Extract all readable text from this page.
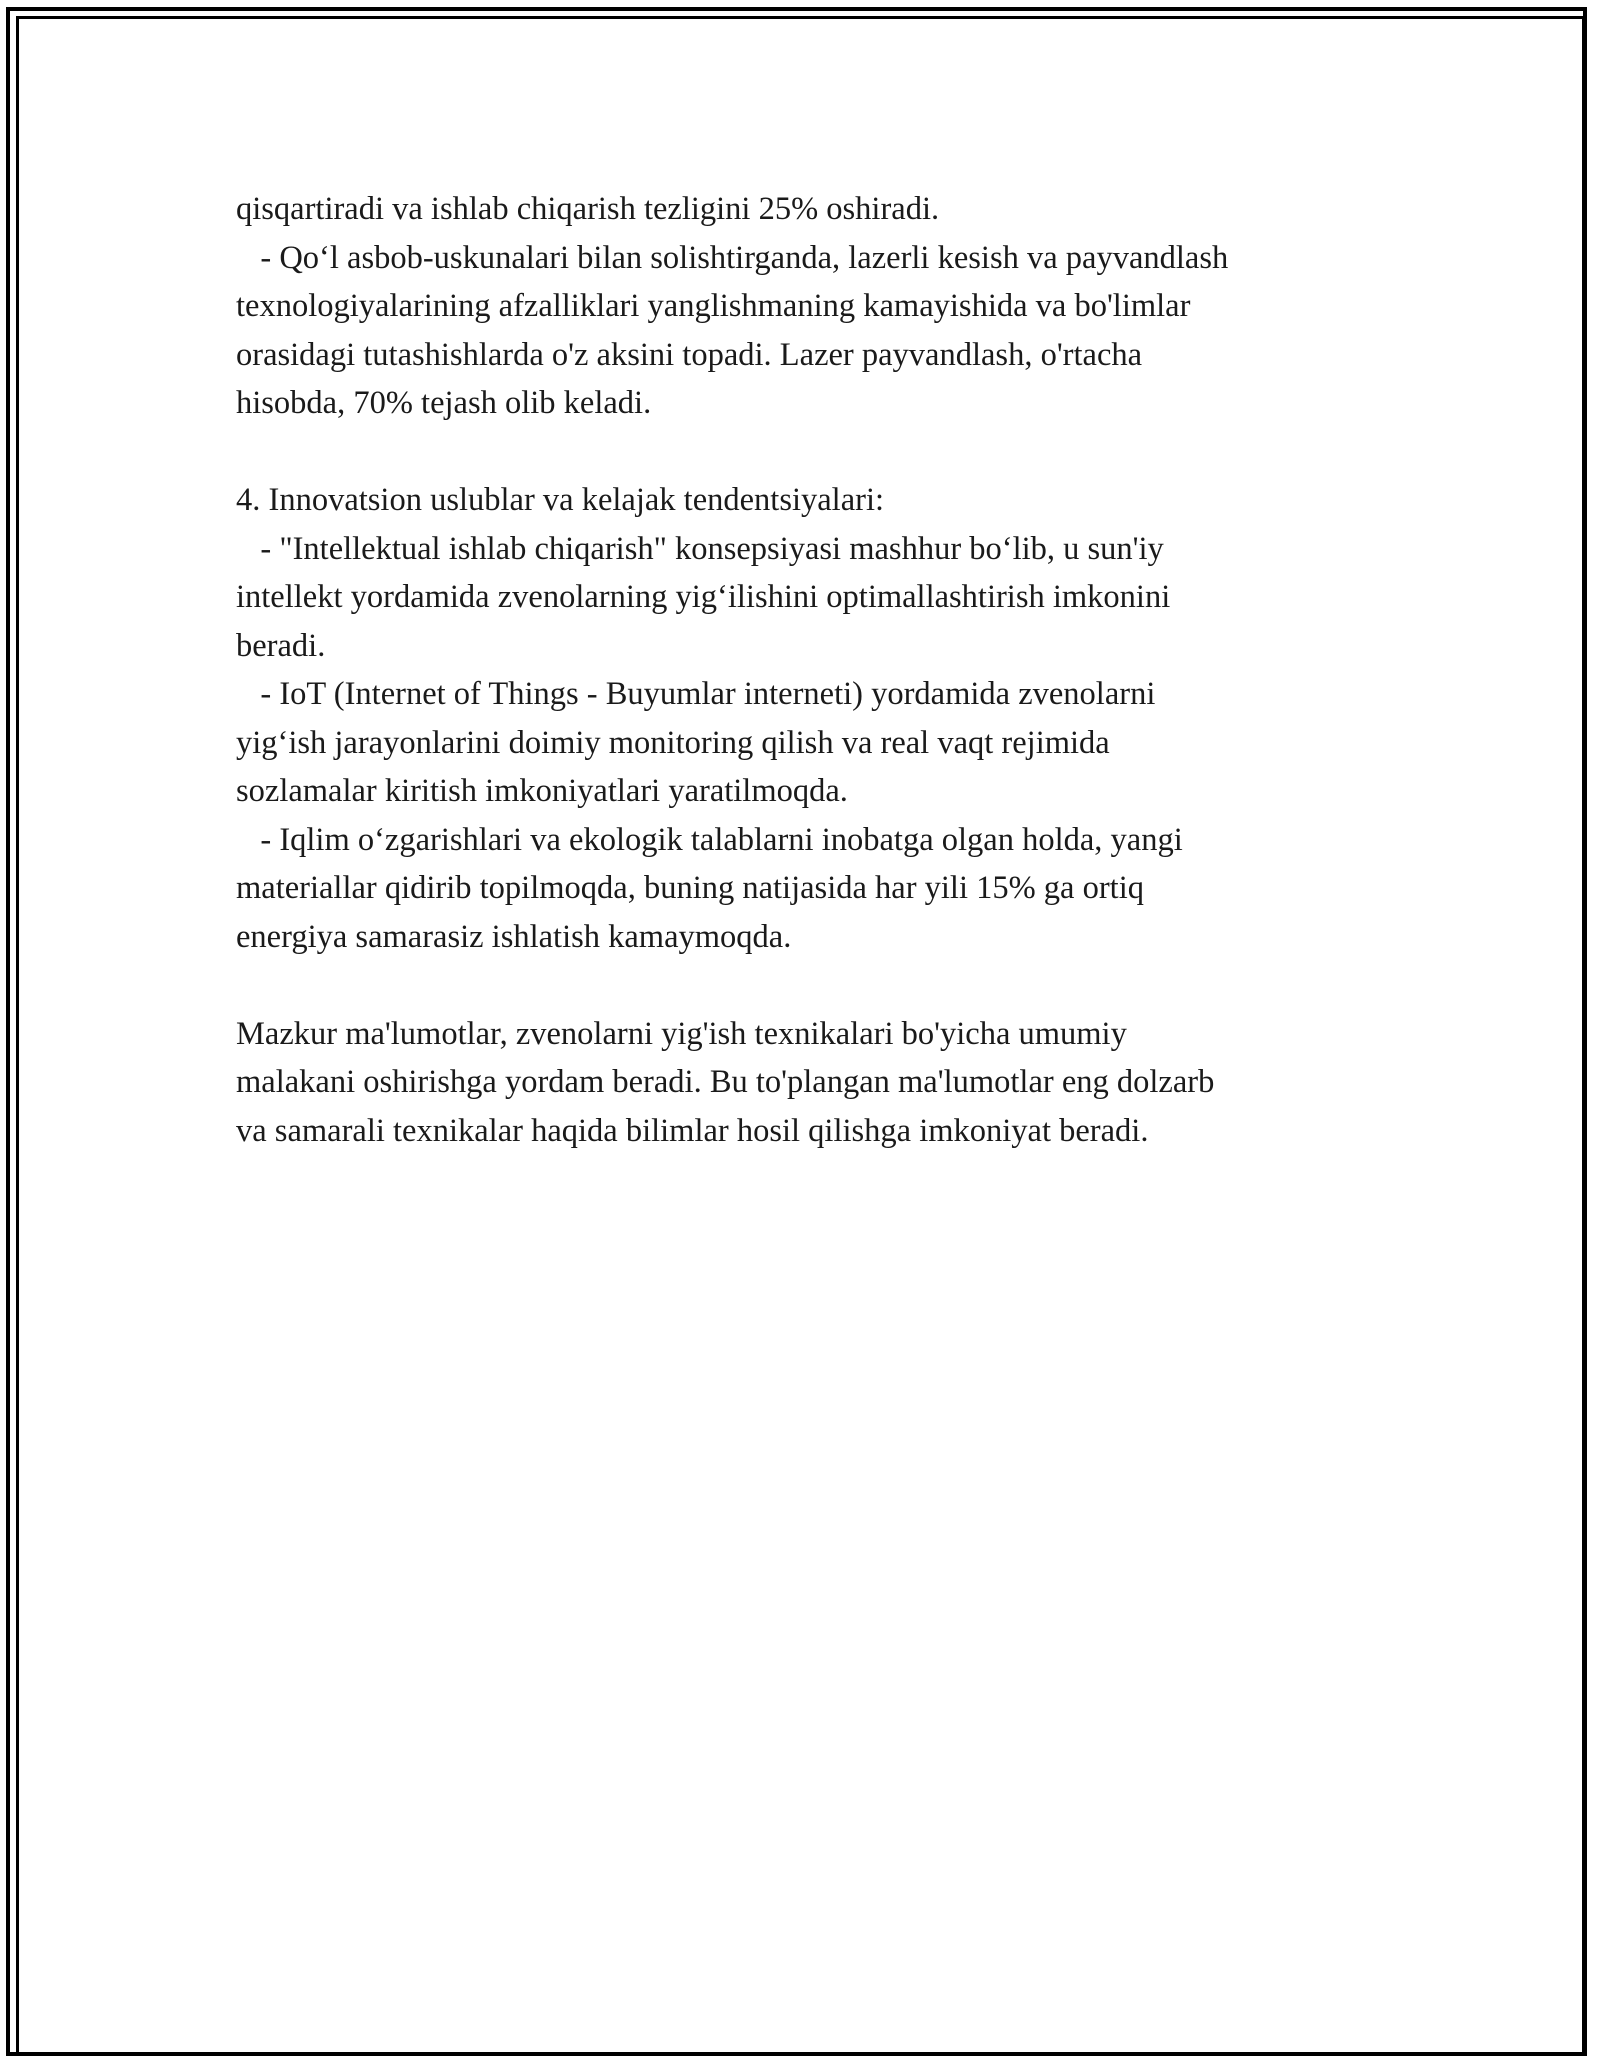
qisqartiradi va ishlab chiqarish tezligini 25% oshiradi.
- Qo‘l asbob-uskunalari bilan solishtirganda, lazerli kesish va payvandlash
texnologiyalarining afzalliklari yanglishmaning kamayishida va bo'limlar
orasidagi tutashishlarda o'z aksini topadi. Lazer payvandlash, o'rtacha
hisobda, 70% tejash olib keladi.
4. Innovatsion uslublar va kelajak tendentsiyalari:
- "Intellektual ishlab chiqarish" konsepsiyasi mashhur bo‘lib, u sun'iy
intellekt yordamida zvenolarning yig‘ilishini optimallashtirish imkonini
beradi.
- IoT (Internet of Things - Buyumlar interneti) yordamida zvenolarni
yig‘ish jarayonlarini doimiy monitoring qilish va real vaqt rejimida
sozlamalar kiritish imkoniyatlari yaratilmoqda.
- Iqlim o‘zgarishlari va ekologik talablarni inobatga olgan holda, yangi
materiallar qidirib topilmoqda, buning natijasida har yili 15% ga ortiq
energiya samarasiz ishlatish kamaymoqda.
Mazkur ma'lumotlar, zvenolarni yig'ish texnikalari bo'yicha umumiy
malakani oshirishga yordam beradi. Bu to'plangan ma'lumotlar eng dolzarb
va samarali texnikalar haqida bilimlar hosil qilishga imkoniyat beradi.
